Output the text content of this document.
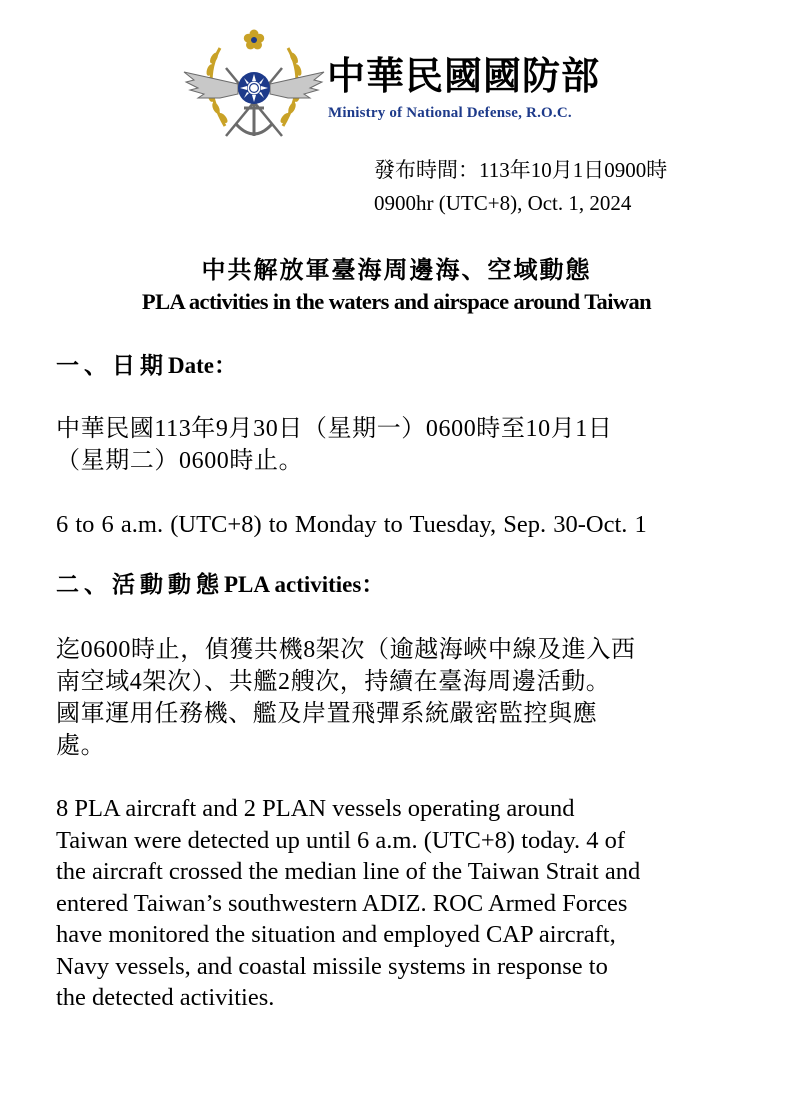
中華民國國防部
Ministry of National Defense, R.O.C.
發布時間：113年10月1日0900時
0900hr (UTC+8), Oct. 1, 2024
中共解放軍臺海周邊海、空域動態
PLA activities in the waters and airspace around Taiwan
一、日期Date：
中華民國113年9月30日（星期一）0600時至10月1日
（星期二）0600時止。
6 to 6 a.m. (UTC+8) to Monday to Tuesday, Sep. 30-Oct. 1
二、活動動態PLA activities：
迄0600時止，偵獲共機8架次（逾越海峽中線及進入西
南空域4架次）、共艦2艘次，持續在臺海周邊活動。
國軍運用任務機、艦及岸置飛彈系統嚴密監控與應
處。
8 PLA aircraft and 2 PLAN vessels operating around
Taiwan were detected up until 6 a.m. (UTC+8) today. 4 of
the aircraft crossed the median line of the Taiwan Strait and
entered Taiwan’s southwestern ADIZ. ROC Armed Forces
have monitored the situation and employed CAP aircraft,
Navy vessels, and coastal missile systems in response to
the detected activities.
